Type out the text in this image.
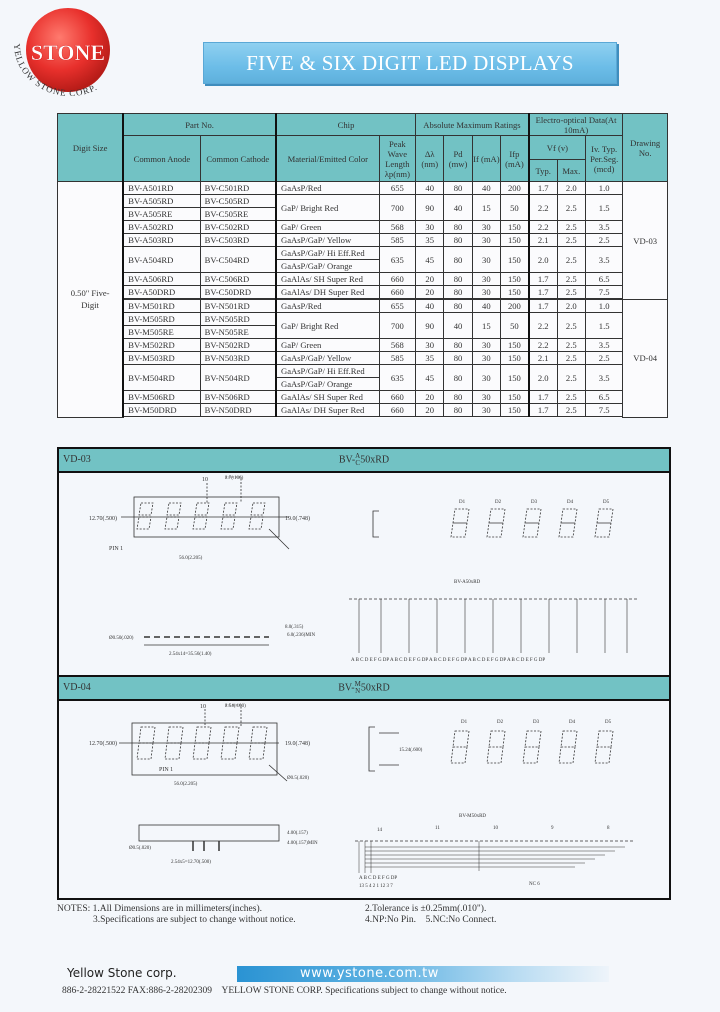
STONE
YELLOW STONE CORP.
FIVE & SIX DIGIT LED DISPLAYS
Digit Size	Part No.		Chip		Absolute Maximum Ratings				Electro-optical Data(At 10mA)			Drawing No.
	Common Anode	Common Cathode	Material/Emitted Color	Peak Wave Length λp(nm)	Δλ (nm)	Pd (mw)	If (mA)	Ifp (mA)	Vf (v)		Iv. Typ. Per.Seg. (mcd)	
									Typ.	Max.		
0.50" Five-Digit	BV-A501RD	BV-C501RD	GaAsP/Red	655	40	80	40	200	1.7	2.0	1.0	VD-03
	BV-A505RD	BV-C505RD	GaP/ Bright Red	700	90	40	15	50	2.2	2.5	1.5	
	BV-A505RE	BV-C505RE										
	BV-A502RD	BV-C502RD	GaP/ Green	568	30	80	30	150	2.2	2.5	3.5	
	BV-A503RD	BV-C503RD	GaAsP/GaP/ Yellow	585	35	80	30	150	2.1	2.5	2.5	
	BV-A504RD	BV-C504RD	GaAsP/GaP/ Hi Eff.Red	635	45	80	30	150	2.0	2.5	3.5	
			GaAsP/GaP/ Orange									
	BV-A506RD	BV-C506RD	GaAlAs/ SH Super Red	660	20	80	30	150	1.7	2.5	6.5	
	BV-A50DRD	BV-C50DRD	GaAlAs/ DH Super Red	660	20	80	30	150	1.7	2.5	7.5	

	BV-M501RD	BV-N501RD	GaAsP/Red	655	40	80	40	200	1.7	2.0	1.0	VD-04
	BV-M505RD	BV-N505RD	GaP/ Bright Red	700	90	40	15	50	2.2	2.5	1.5	
	BV-M505RE	BV-N505RE										
	BV-M502RD	BV-N502RD	GaP/ Green	568	30	80	30	150	2.2	2.5	3.5	
	BV-M503RD	BV-N503RD	GaAsP/GaP/ Yellow	585	35	80	30	150	2.1	2.5	2.5	
	BV-M504RD	BV-N504RD	GaAsP/GaP/ Hi Eff.Red	635	45	80	30	150	2.0	2.5	3.5	
			GaAsP/GaP/ Orange									
	BV-M506RD	BV-N506RD	GaAlAs/ SH Super Red	660	20	80	30	150	1.7	2.5	6.5	
	BV-M50DRD	BV-N50DRD	GaAlAs/ DH Super Red	660	20	80	30	150	1.7	2.5	7.5	

VD-03	BV-A
C50xRD
12.70(.500)	19.0(.748)
PIN 1
56.0(2.205)
10	2.7(.106)
Ø0.50(.020)
2.54x14=35.56(1.40)
6.0(.236)MIN
8.0(.315)
D1	D2	D3	D4	D5
BV-A50xRD
A B C D E F G DP A B C D E F G DP A B C D E F G DP A B C D E F G DP A B C D E F G DP
VD-04	BV-M
N50xRD
12.70(.500)	19.0(.748)
PIN 1
10	2.54(.100)
56.0(2.205)
Ø0.5(.020)
Ø0.5(.020)
2.54x5=12.70(.500)
4.00(.157)
4.00(.157)MIN
15.24(.600)
D1	D2	D3	D4	D5
BV-M50xRD
14	11	10	9	8
A B C D E F G DP
13 5 4 2 1 12 3 7	NC 6
NOTES: 1.All Dimensions are in millimeters(inches).
3.Specifications are subject to change without notice.
2.Tolerance is ±0.25mm(.010").
4.NP:No Pin.    5.NC:No Connect.
Yellow Stone corp.	www.ystone.com.tw
886-2-28221522 FAX:886-2-28202309 YELLOW STONE CORP. Specifications subject to change without notice.
